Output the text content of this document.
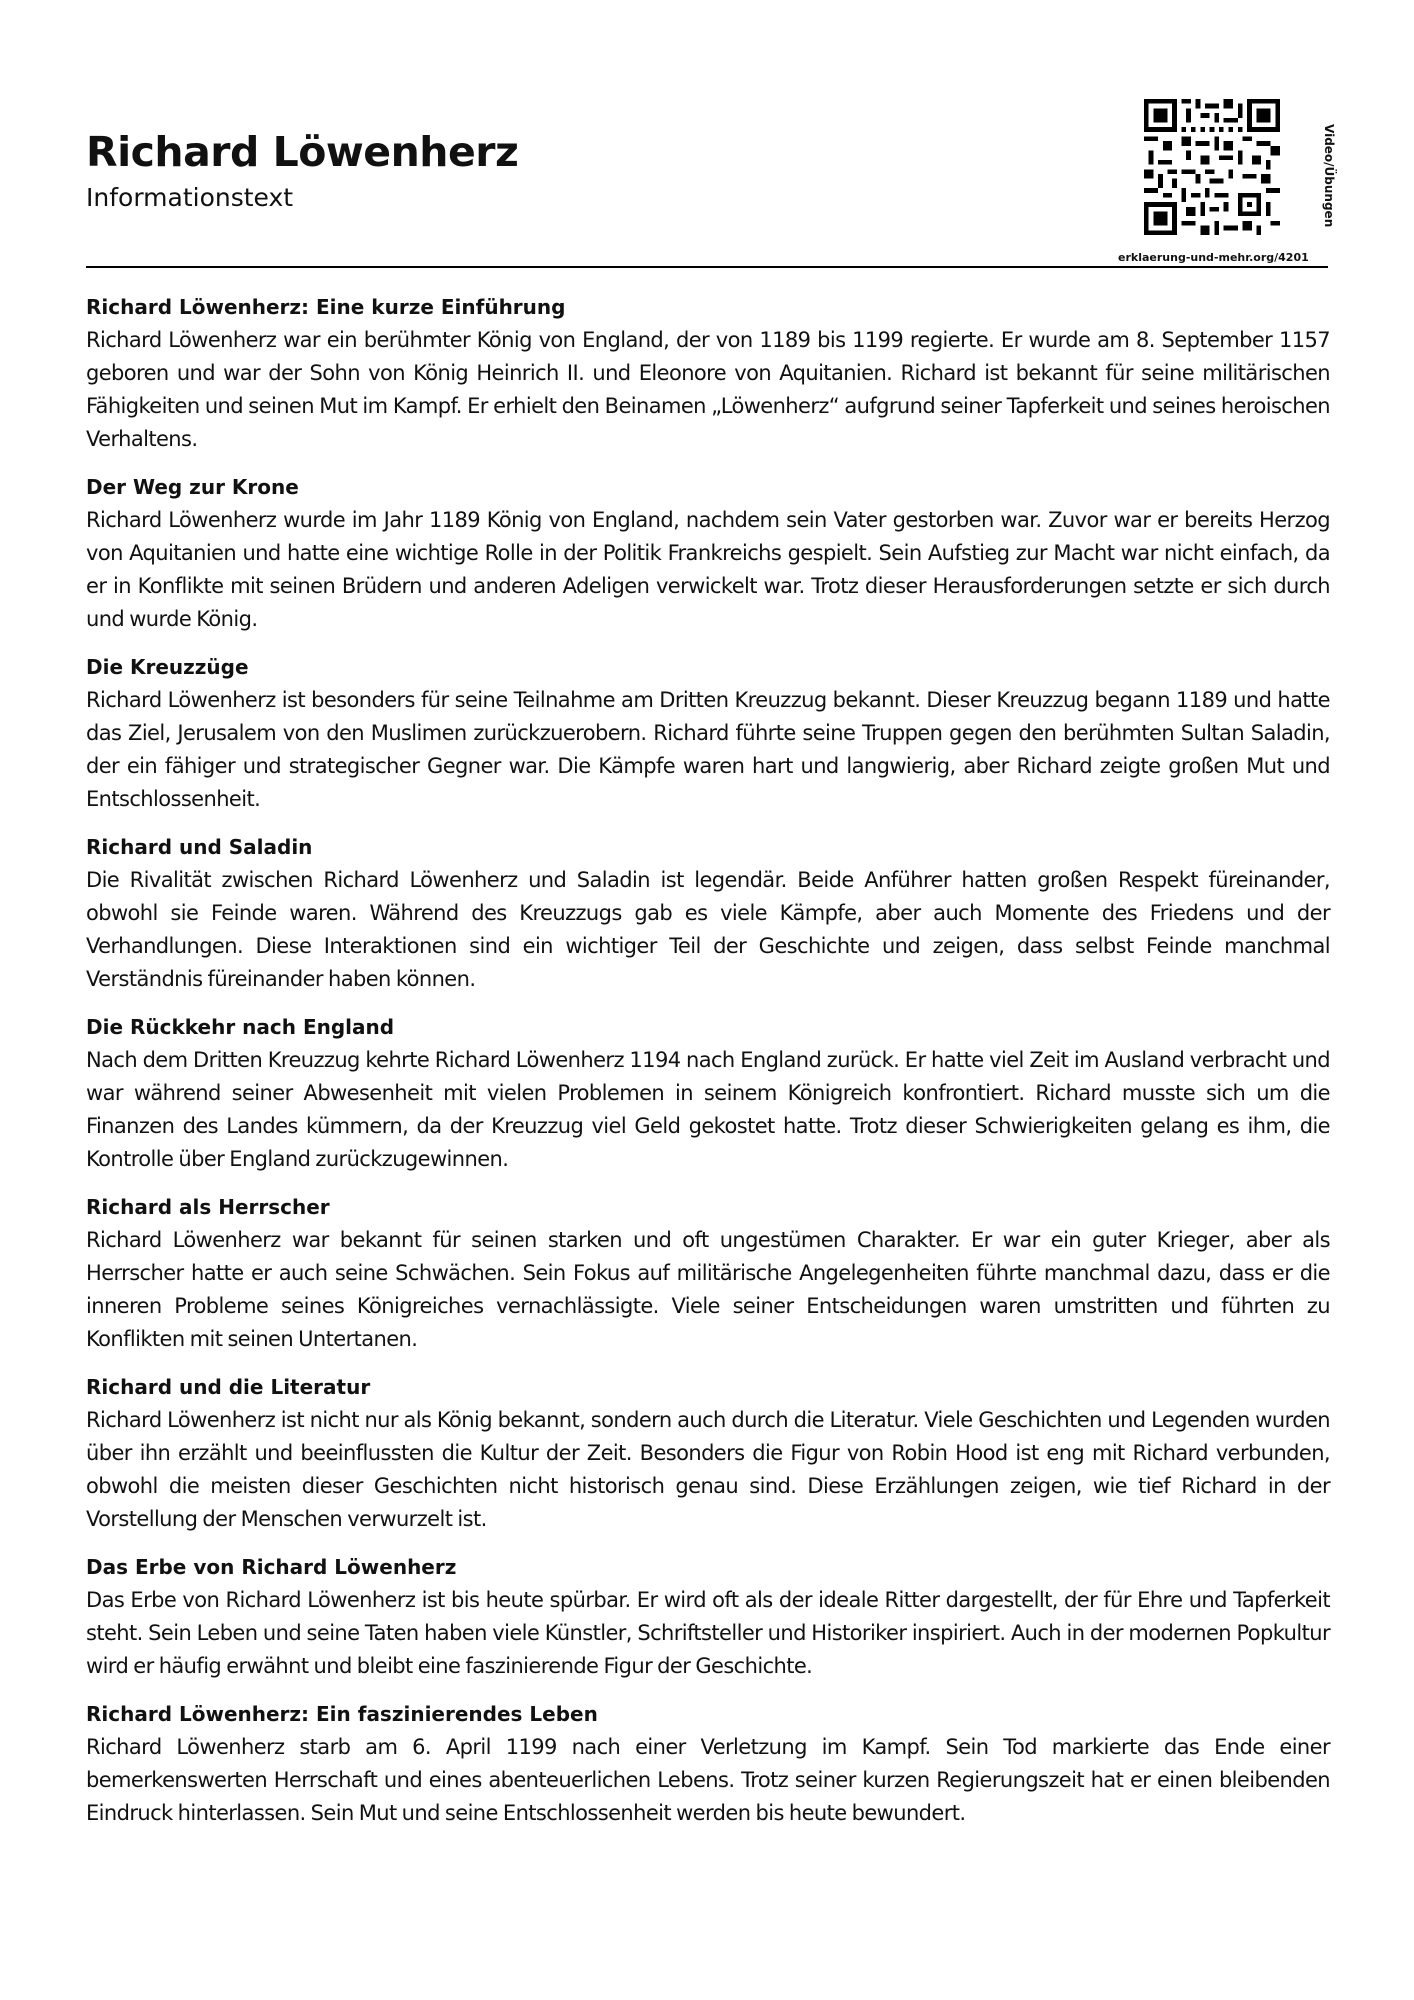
Richard Löwenherz
Informationstext	Video/Übungen
erklaerung-und-mehr.org/4201
Richard Löwenherz: Eine kurze Einführung

Richard Löwenherz war ein berühmter König von England, der von 1189 bis 1199 regierte. Er wurde am 8. September 1157 geboren und war der Sohn von König Heinrich II. und Eleonore von Aquitanien. Richard ist bekannt für seine militärischen Fähigkeiten und seinen Mut im Kampf. Er erhielt den Beinamen „Löwenherz“ aufgrund seiner Tapferkeit und seines heroischen Verhaltens.

Der Weg zur Krone

Richard Löwenherz wurde im Jahr 1189 König von England, nachdem sein Vater gestorben war. Zuvor war er bereits Herzog von Aquitanien und hatte eine wichtige Rolle in der Politik Frankreichs gespielt. Sein Aufstieg zur Macht war nicht einfach, da er in Konflikte mit seinen Brüdern und anderen Adeligen verwickelt war. Trotz dieser Herausforderungen setzte er sich durch und wurde König.

Die Kreuzzüge

Richard Löwenherz ist besonders für seine Teilnahme am Dritten Kreuzzug bekannt. Dieser Kreuzzug begann 1189 und hatte das Ziel, Jerusalem von den Muslimen zurückzuerobern. Richard führte seine Truppen gegen den berühmten Sultan Saladin, der ein fähiger und strategischer Gegner war. Die Kämpfe waren hart und langwierig, aber Richard zeigte großen Mut und Entschlossenheit.

Richard und Saladin

Die Rivalität zwischen Richard Löwenherz und Saladin ist legendär. Beide Anführer hatten großen Respekt füreinander, obwohl sie Feinde waren. Während des Kreuzzugs gab es viele Kämpfe, aber auch Momente des Friedens und der Verhandlungen. Diese Interaktionen sind ein wichtiger Teil der Geschichte und zeigen, dass selbst Feinde manchmal Verständnis füreinander haben können.

Die Rückkehr nach England

Nach dem Dritten Kreuzzug kehrte Richard Löwenherz 1194 nach England zurück. Er hatte viel Zeit im Ausland verbracht und war während seiner Abwesenheit mit vielen Problemen in seinem Königreich konfrontiert. Richard musste sich um die Finanzen des Landes kümmern, da der Kreuzzug viel Geld gekostet hatte. Trotz dieser Schwierigkeiten gelang es ihm, die Kontrolle über England zurückzugewinnen.

Richard als Herrscher

Richard Löwenherz war bekannt für seinen starken und oft ungestümen Charakter. Er war ein guter Krieger, aber als Herrscher hatte er auch seine Schwächen. Sein Fokus auf militärische Angelegenheiten führte manchmal dazu, dass er die inneren Probleme seines Königreiches vernachlässigte. Viele seiner Entscheidungen waren umstritten und führten zu Konflikten mit seinen Untertanen.

Richard und die Literatur

Richard Löwenherz ist nicht nur als König bekannt, sondern auch durch die Literatur. Viele Geschichten und Legenden wurden über ihn erzählt und beeinflussten die Kultur der Zeit. Besonders die Figur von Robin Hood ist eng mit Richard verbunden, obwohl die meisten dieser Geschichten nicht historisch genau sind. Diese Erzählungen zeigen, wie tief Richard in der Vorstellung der Menschen verwurzelt ist.

Das Erbe von Richard Löwenherz

Das Erbe von Richard Löwenherz ist bis heute spürbar. Er wird oft als der ideale Ritter dargestellt, der für Ehre und Tapferkeit steht. Sein Leben und seine Taten haben viele Künstler, Schriftsteller und Historiker inspiriert. Auch in der modernen Popkultur wird er häufig erwähnt und bleibt eine faszinierende Figur der Geschichte.

Richard Löwenherz: Ein faszinierendes Leben

Richard Löwenherz starb am 6. April 1199 nach einer Verletzung im Kampf. Sein Tod markierte das Ende einer bemerkenswerten Herrschaft und eines abenteuerlichen Lebens. Trotz seiner kurzen Regierungszeit hat er einen bleibenden Eindruck hinterlassen. Sein Mut und seine Entschlossenheit werden bis heute bewundert.
